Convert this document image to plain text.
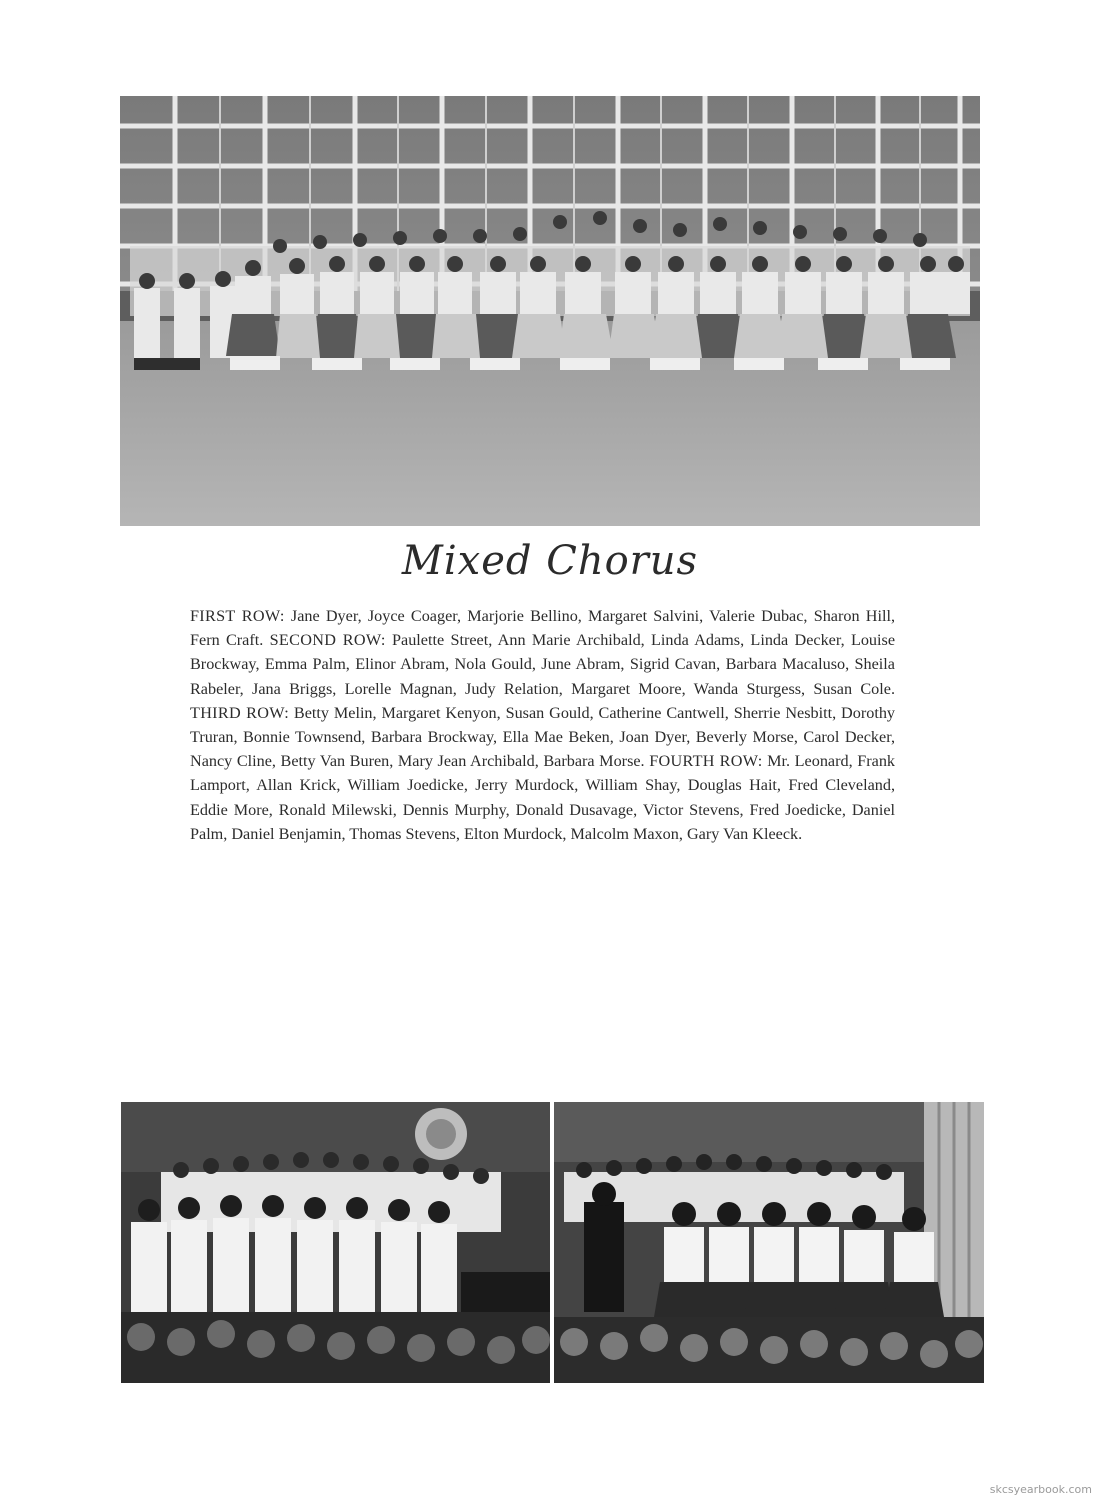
Mixed Chorus
FIRST ROW: Jane Dyer, Joyce Coager, Marjorie Bellino, Margaret Salvini, Valerie Dubac, Sharon Hill, Fern Craft. SECOND ROW: Paulette Street, Ann Marie Archibald, Linda Adams, Linda Decker, Louise Brockway, Emma Palm, Elinor Abram, Nola Gould, June Abram, Sigrid Cavan, Barbara Macaluso, Sheila Rabeler, Jana Briggs, Lorelle Magnan, Judy Relation, Margaret Moore, Wanda Sturgess, Susan Cole. THIRD ROW: Betty Melin, Margaret Kenyon, Susan Gould, Catherine Cantwell, Sherrie Nesbitt, Dorothy Truran, Bonnie Townsend, Barbara Brockway, Ella Mae Beken, Joan Dyer, Beverly Morse, Carol Decker, Nancy Cline, Betty Van Buren, Mary Jean Archibald, Barbara Morse. FOURTH ROW: Mr. Leonard, Frank Lamport, Allan Krick, William Joedicke, Jerry Murdock, William Shay, Douglas Hait, Fred Cleveland, Eddie More, Ronald Milewski, Dennis Murphy, Donald Dusavage, Victor Stevens, Fred Joedicke, Daniel Palm, Daniel Benjamin, Thomas Stevens, Elton Murdock, Malcolm Maxon, Gary Van Kleeck.
skcsyearbook.com
